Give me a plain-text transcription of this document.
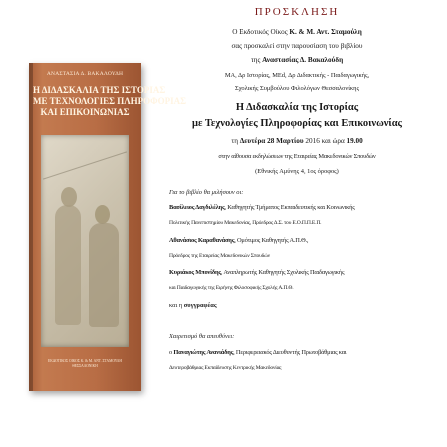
ΑΝΑΣΤΑΣΙΑ Δ. ΒΑΚΑΛΟΥΔΗ
Η ΔΙΔΑΣΚΑΛΙΑ ΤΗΣ ΙΣΤΟΡΙΑΣ
ΜΕ ΤΕΧΝΟΛΟΓΙΕΣ ΠΛΗΡΟΦΟΡΙΑΣ
ΚΑΙ ΕΠΙΚΟΙΝΩΝΙΑΣ
ΕΚΔΟΤΙΚΟΣ ΟΙΚΟΣ Κ. & Μ. ΑΝΤ. ΣΤΑΜΟΥΛΗ
ΘΕΣΣΑΛΟΝΙΚΗ
ΠΡΟΣΚΛΗΣΗ
Ο Εκδοτικός Οίκος Κ. & Μ. Αντ. Σταμούλη
σας προσκαλεί στην παρουσίαση του βιβλίου
της Αναστασίας Δ. Βακαλούδη
ΜΑ, Δρ Ιστορίας, ΜΕd, Δρ Διδακτικής - Παιδαγωγικής,
Σχολικής Συμβούλου Φιλολόγων Θεσσαλονίκης
Η Διδασκαλία της Ιστορίας
με Τεχνολογίες Πληροφορίας και Επικοινωνίας
τη Δευτέρα 28 Μαρτίου 2016 και ώρα 19.00
στην αίθουσα εκδηλώσεων της Εταιρείας Μακεδονικών Σπουδών
(Εθνικής Αμύνης 4, 1ος όροφος)
Για το βιβλίο θα μιλήσουν οι:
Βασίλειος Δαγδιλέλης, Καθηγητής Τμήματος Εκπαιδευτικής και Κοινωνικής
Πολιτικής Πανεπιστημίου Μακεδονίας, Πρόεδρος Δ.Σ. του Ε.Ο.Π.Π.Ε.Π.
Αθανάσιος Καραθανάσης, Ομότιμος Καθηγητής Α.Π.Θ.,
Πρόεδρος της Εταιρείας Μακεδονικών Σπουδών
Κυριάκος Μπονίδης, Αναπληρωτής Καθηγητής Σχολικής Παιδαγωγικής
και Παιδαγωγικής της Ειρήνης Φιλοσοφικής Σχολής Α.Π.Θ.
και η συγγραφέας
Χαιρετισμό θα απευθύνει:
ο Παναγιώτης Ανανιάδης, Περιφερειακός Διευθυντής Πρωτοβάθμιας και
Δευτεροβάθμιας Εκπαίδευσης Κεντρικής Μακεδονίας
